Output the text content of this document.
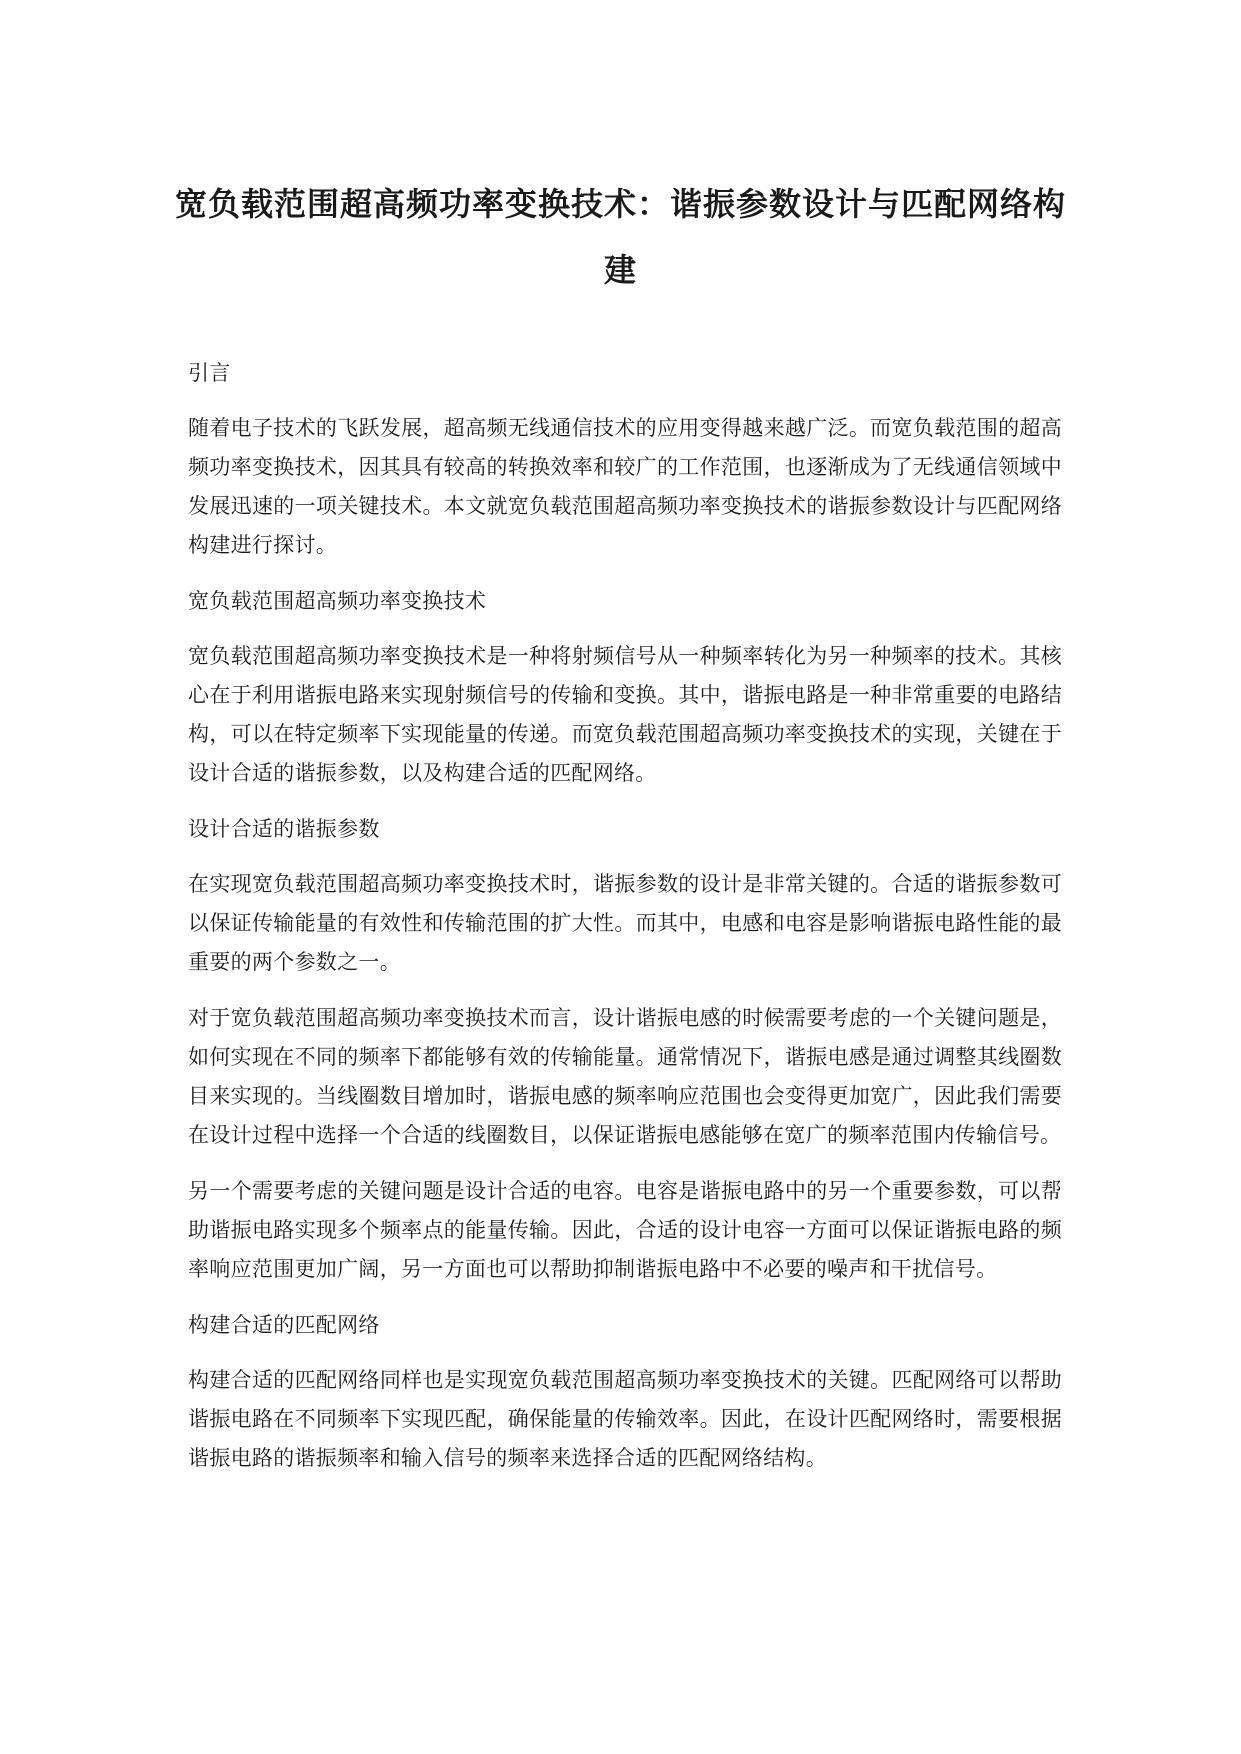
宽负载范围超高频功率变换技术：谐振参数设计与匹配网络构建

引言

随着电子技术的飞跃发展，超高频无线通信技术的应用变得越来越广泛。而宽负载范围的超高频功率变换技术，因其具有较高的转换效率和较广的工作范围，也逐渐成为了无线通信领域中发展迅速的一项关键技术。本文就宽负载范围超高频功率变换技术的谐振参数设计与匹配网络构建进行探讨。

宽负载范围超高频功率变换技术

宽负载范围超高频功率变换技术是一种将射频信号从一种频率转化为另一种频率的技术。其核心在于利用谐振电路来实现射频信号的传输和变换。其中，谐振电路是一种非常重要的电路结构，可以在特定频率下实现能量的传递。而宽负载范围超高频功率变换技术的实现，关键在于设计合适的谐振参数，以及构建合适的匹配网络。

设计合适的谐振参数

在实现宽负载范围超高频功率变换技术时，谐振参数的设计是非常关键的。合适的谐振参数可以保证传输能量的有效性和传输范围的扩大性。而其中，电感和电容是影响谐振电路性能的最重要的两个参数之一。

对于宽负载范围超高频功率变换技术而言，设计谐振电感的时候需要考虑的一个关键问题是，如何实现在不同的频率下都能够有效的传输能量。通常情况下，谐振电感是通过调整其线圈数目来实现的。当线圈数目增加时，谐振电感的频率响应范围也会变得更加宽广，因此我们需要在设计过程中选择一个合适的线圈数目，以保证谐振电感能够在宽广的频率范围内传输信号。

另一个需要考虑的关键问题是设计合适的电容。电容是谐振电路中的另一个重要参数，可以帮助谐振电路实现多个频率点的能量传输。因此，合适的设计电容一方面可以保证谐振电路的频率响应范围更加广阔，另一方面也可以帮助抑制谐振电路中不必要的噪声和干扰信号。

构建合适的匹配网络

构建合适的匹配网络同样也是实现宽负载范围超高频功率变换技术的关键。匹配网络可以帮助谐振电路在不同频率下实现匹配，确保能量的传输效率。因此，在设计匹配网络时，需要根据谐振电路的谐振频率和输入信号的频率来选择合适的匹配网络结构。
